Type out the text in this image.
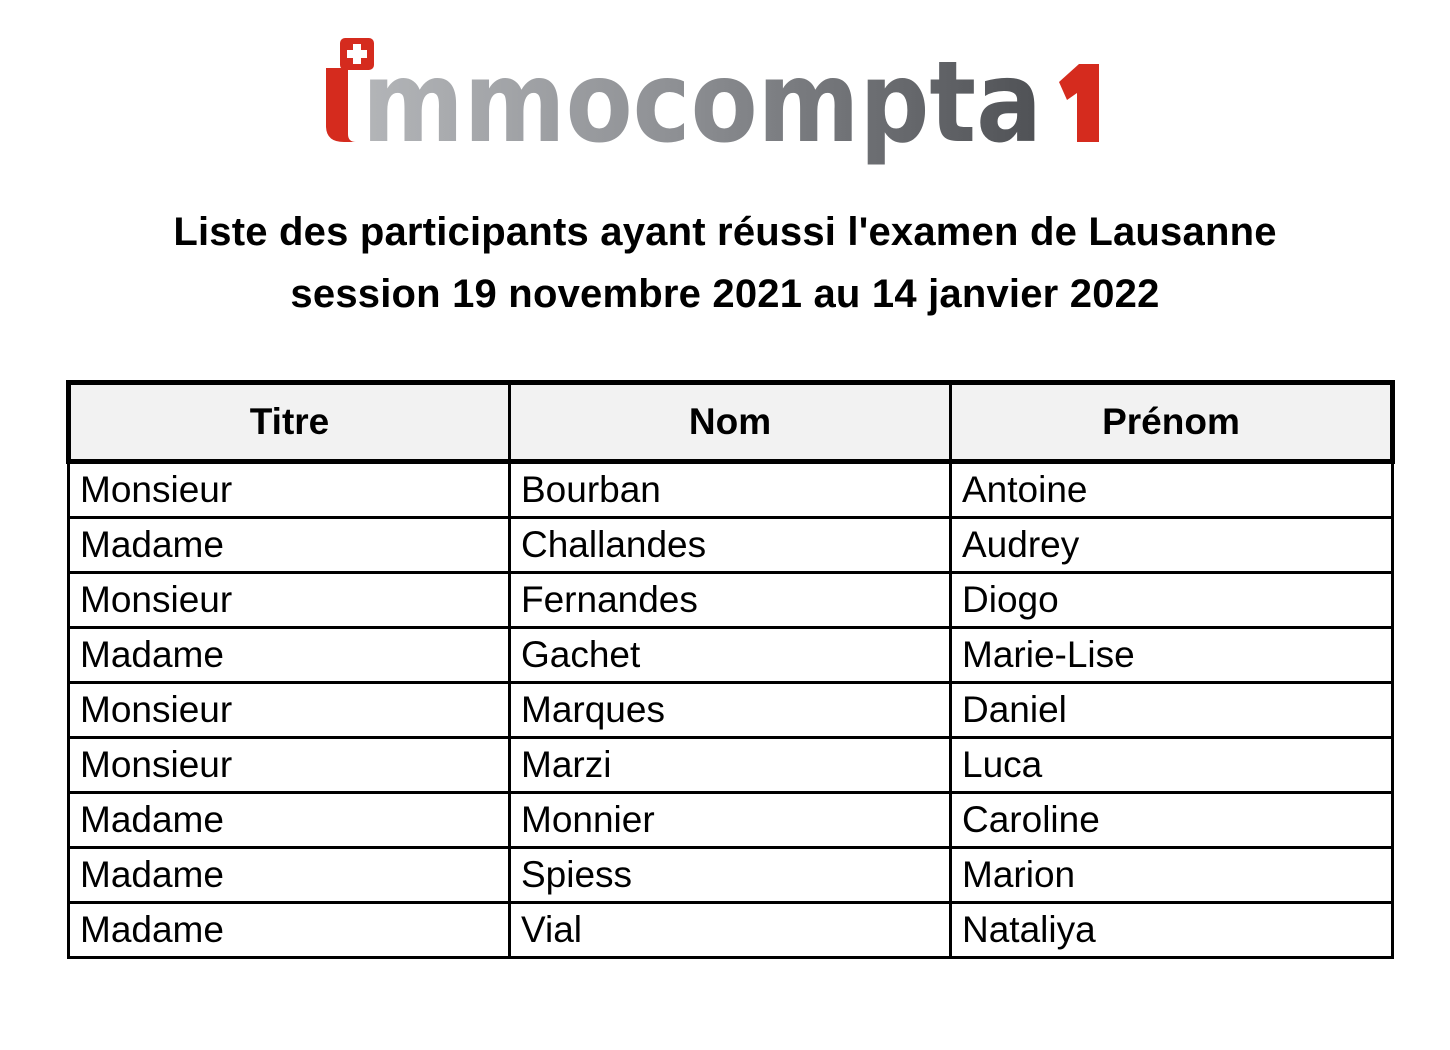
mmocompta
Liste des participants ayant réussi l'examen de Lausanne
session 19 novembre 2021 au 14 janvier 2022
Titre	Nom	Prénom
Monsieur	Bourban	Antoine
Madame	Challandes	Audrey
Monsieur	Fernandes	Diogo
Madame	Gachet	Marie-Lise
Monsieur	Marques	Daniel
Monsieur	Marzi	Luca
Madame	Monnier	Caroline
Madame	Spiess	Marion
Madame	Vial	Nataliya
